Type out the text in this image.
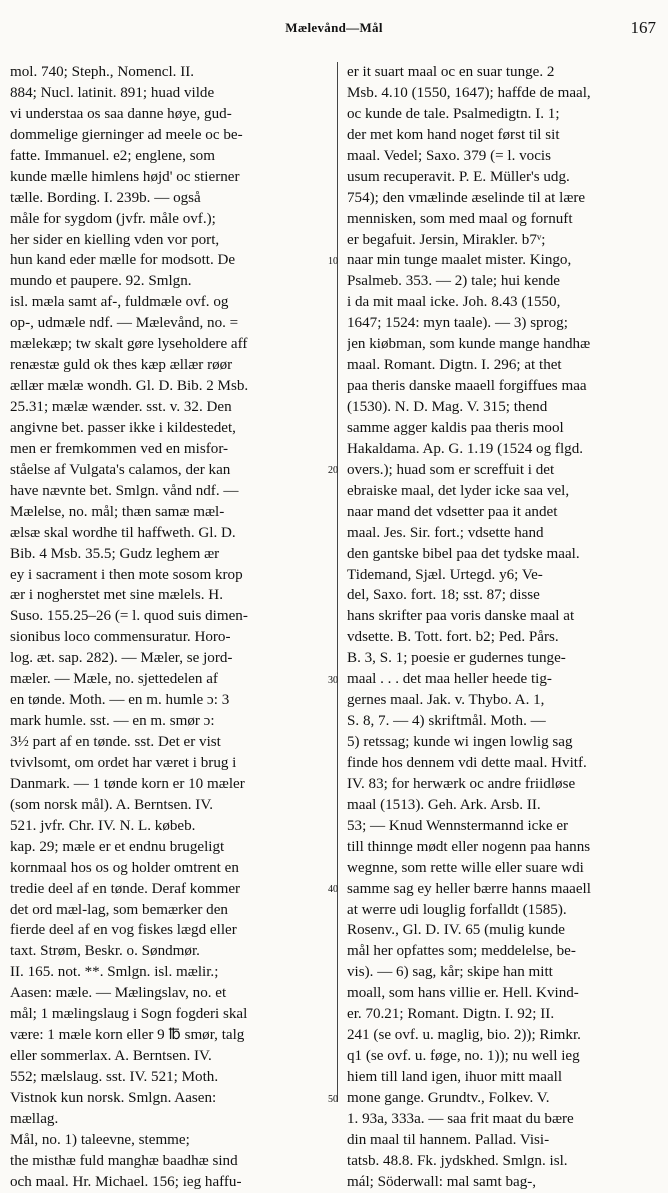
Mælevånd—Mål	167
mol. 740; Steph., Nomencl. II.
884; Nucl. latinit. 891; huad vilde
vi understaa os saa danne høye, gud-
dommelige gierninger ad meele oc be-
fatte. Immanuel. e2; englene, som
kunde mælle himlens højd' oc stierner
tælle. Bording. I. 239b. — også
måle for sygdom (jvfr. måle ovf.);
her sider en kielling vden vor port,
hun kand eder mælle for modsott. De
mundo et paupere. 92. Smlgn.
isl. mæla samt af-, fuldmæle ovf. og
op-, udmæle ndf. — Mælevånd, no. =
mælekæp; tw skalt gøre lyseholdere aff
renæstæ guld ok thes kæp ællær røør
ællær mælæ wondh. Gl. D. Bib. 2 Msb.
25.31; mælæ wænder. sst. v. 32. Den
angivne bet. passer ikke i kildestedet,
men er fremkommen ved en misfor-
ståelse af Vulgata's calamos, der kan
have nævnte bet. Smlgn. vånd ndf. —
Mælelse, no. mål; thæn samæ mæl-
ælsæ skal wordhe til haffweth. Gl. D.
Bib. 4 Msb. 35.5; Gudz leghem ær
ey i sacrament i then mote sosom krop
ær i nogherstet met sine mælels. H.
Suso. 155.25–26 (= l. quod suis dimen-
sionibus loco commensuratur. Horo-
log. æt. sap. 282). — Mæler, se jord-
mæler. — Mæle, no. sjettedelen af
en tønde. Moth. — en m. humle ɔ: 3
mark humle. sst. — en m. smør ɔ:
3½ part af en tønde. sst. Det er vist
tvivlsomt, om ordet har været i brug i
Danmark. — 1 tønde korn er 10 mæler
(som norsk mål). A. Berntsen. IV.
521. jvfr. Chr. IV. N. L. købeb.
kap. 29; mæle er et endnu brugeligt
kornmaal hos os og holder omtrent en
tredie deel af en tønde. Deraf kommer
det ord mæl-lag, som bemærker den
fierde deel af en vog fiskes lægd eller
taxt. Strøm, Beskr. o. Søndmør.
II. 165. not. **. Smlgn. isl. mælir.;
Aasen: mæle. — Mælingslav, no. et
mål; 1 mælingslaug i Sogn fogderi skal
være: 1 mæle korn eller 9 ℔ smør, talg
eller sommerlax. A. Berntsen. IV.
552; mælslaug. sst. IV. 521; Moth.
Vistnok kun norsk. Smlgn. Aasen:
mællag.
Mål, no. 1) taleevne, stemme;
the misthæ fuld manghæ baadhæ sind
och maal. Hr. Michael. 156; ieg haffu-
10
20
30
40
50
er it suart maal oc en suar tunge. 2
Msb. 4.10 (1550, 1647); haffde de maal,
oc kunde de tale. Psalmedigtn. I. 1;
der met kom hand noget først til sit
maal. Vedel; Saxo. 379 (= l. vocis
usum recuperavit. P. E. Müller's udg.
754); den vmælinde æselinde til at lære
mennisken, som med maal og fornuft
er begafuit. Jersin, Mirakler. b7ᵛ;
naar min tunge maalet mister. Kingo,
Psalmeb. 353. — 2) tale; hui kende
i da mit maal icke. Joh. 8.43 (1550,
1647; 1524: myn taale). — 3) sprog;
jen kiøbman, som kunde mange handhæ
maal. Romant. Digtn. I. 296; at thet
paa theris danske maaell forgiffues maa
(1530). N. D. Mag. V. 315; thend
samme agger kaldis paa theris mool
Hakaldama. Ap. G. 1.19 (1524 og flgd.
overs.); huad som er screffuit i det
ebraiske maal, det lyder icke saa vel,
naar mand det vdsetter paa it andet
maal. Jes. Sir. fort.; vdsette hand
den gantske bibel paa det tydske maal.
Tidemand, Sjæl. Urtegd. y6; Ve-
del, Saxo. fort. 18; sst. 87; disse
hans skrifter paa voris danske maal at
vdsette. B. Tott. fort. b2; Ped. Pårs.
B. 3, S. 1; poesie er gudernes tunge-
maal . . . det maa heller heede tig-
gernes maal. Jak. v. Thybo. A. 1,
S. 8, 7. — 4) skriftmål. Moth. —
5) retssag; kunde wi ingen lowlig sag
finde hos dennem vdi dette maal. Hvitf.
IV. 83; for herwærk oc andre friidløse
maal (1513). Geh. Ark. Arsb. II.
53; — Knud Wennstermannd icke er
till thinnge mødt eller nogenn paa hanns
wegnne, som rette wille eller suare wdi
samme sag ey heller bærre hanns maaell
at werre udi louglig forfalldt (1585).
Rosenv., Gl. D. IV. 65 (mulig kunde
mål her opfattes som; meddelelse, be-
vis). — 6) sag, kår; skipe han mitt
moall, som hans villie er. Hell. Kvind-
er. 70.21; Romant. Digtn. I. 92; II.
241 (se ovf. u. maglig, bio. 2)); Rimkr.
q1 (se ovf. u. føge, no. 1)); nu well ieg
hiem till land igen, ihuor mitt maall
mone gange. Grundtv., Folkev. V.
1. 93a, 333a. — saa frit maat du bære
din maal til hannem. Pallad. Visi-
tatsb. 48.8. Fk. jydskhed. Smlgn. isl.
mál; Söderwall: mal samt bag-,
